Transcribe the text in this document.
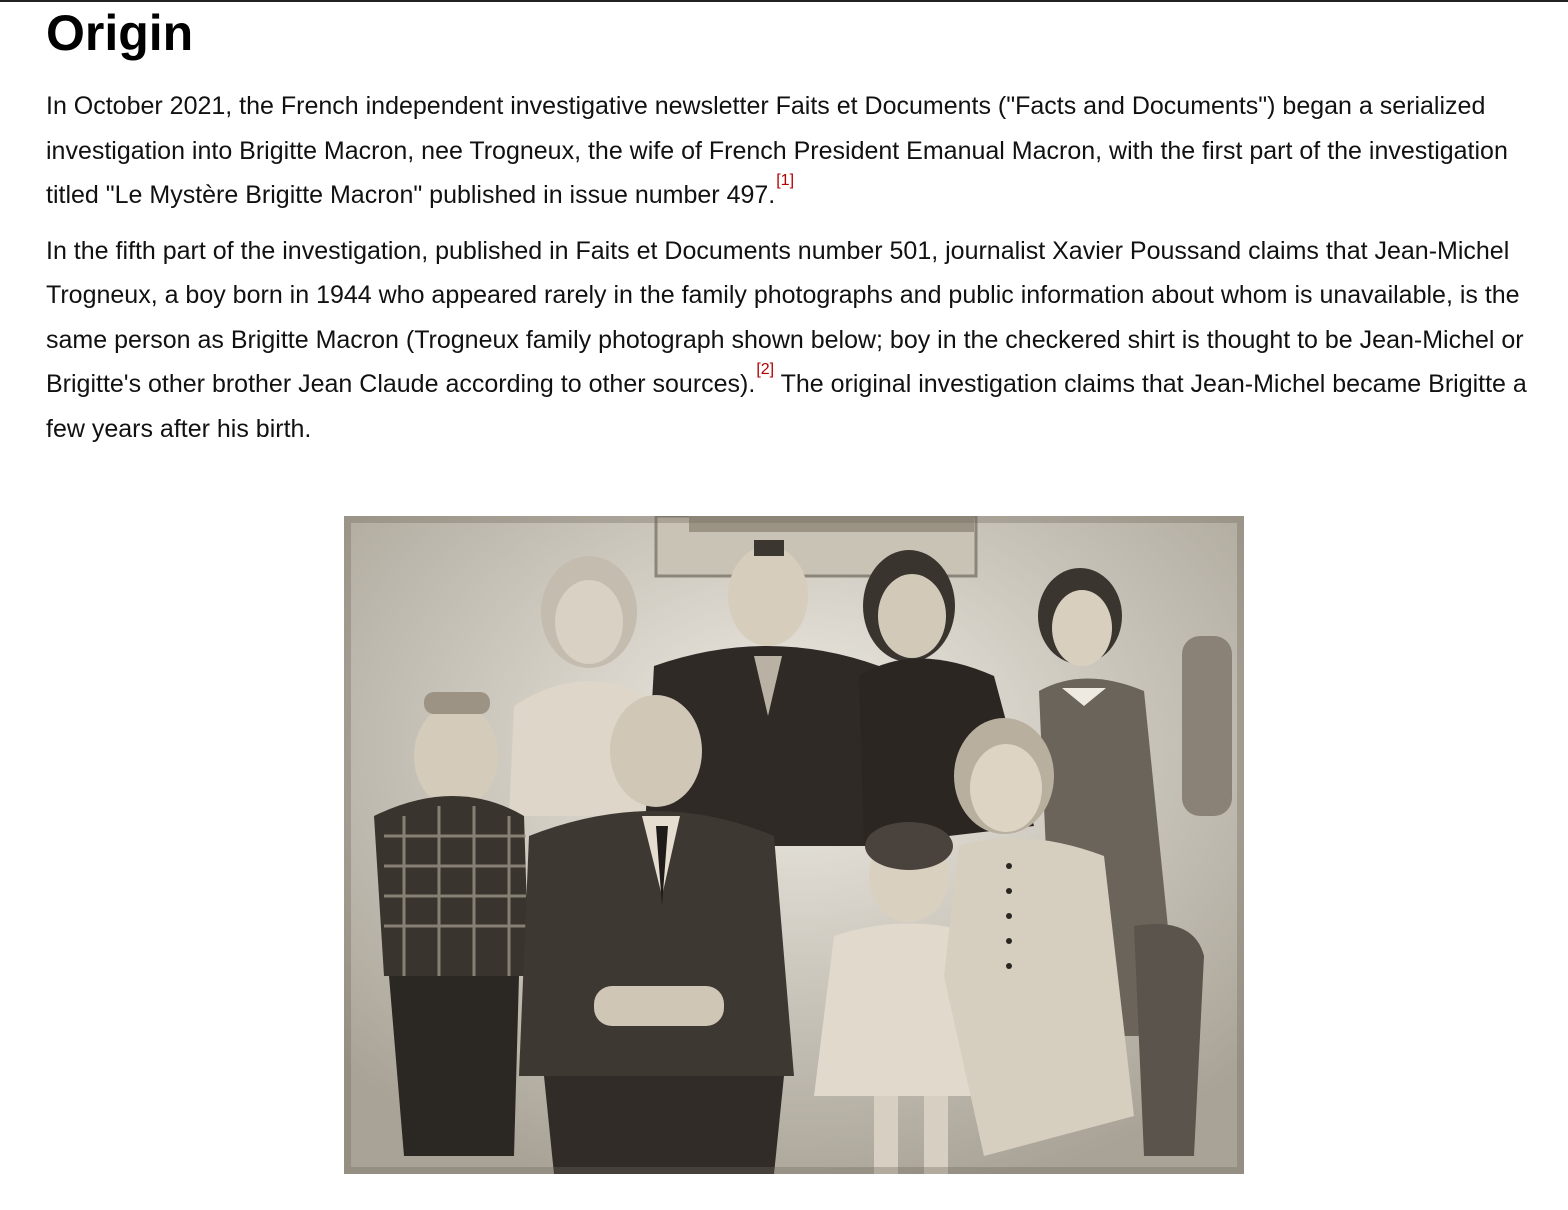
Origin

In October 2021, the French independent investigative newsletter Faits et Documents ("Facts and Documents") began a serialized investigation into Brigitte Macron, nee Trogneux, the wife of French President Emanual Macron, with the first part of the investigation titled "Le Mystère Brigitte Macron" published in issue number 497.[1]

In the fifth part of the investigation, published in Faits et Documents number 501, journalist Xavier Poussand claims that Jean-Michel Trogneux, a boy born in 1944 who appeared rarely in the family photographs and public information about whom is unavailable, is the same person as Brigitte Macron (Trogneux family photograph shown below; boy in the checkered shirt is thought to be Jean-Michel or Brigitte's other brother Jean Claude according to other sources).[2] The original investigation claims that Jean-Michel became Brigitte a few years after his birth.
